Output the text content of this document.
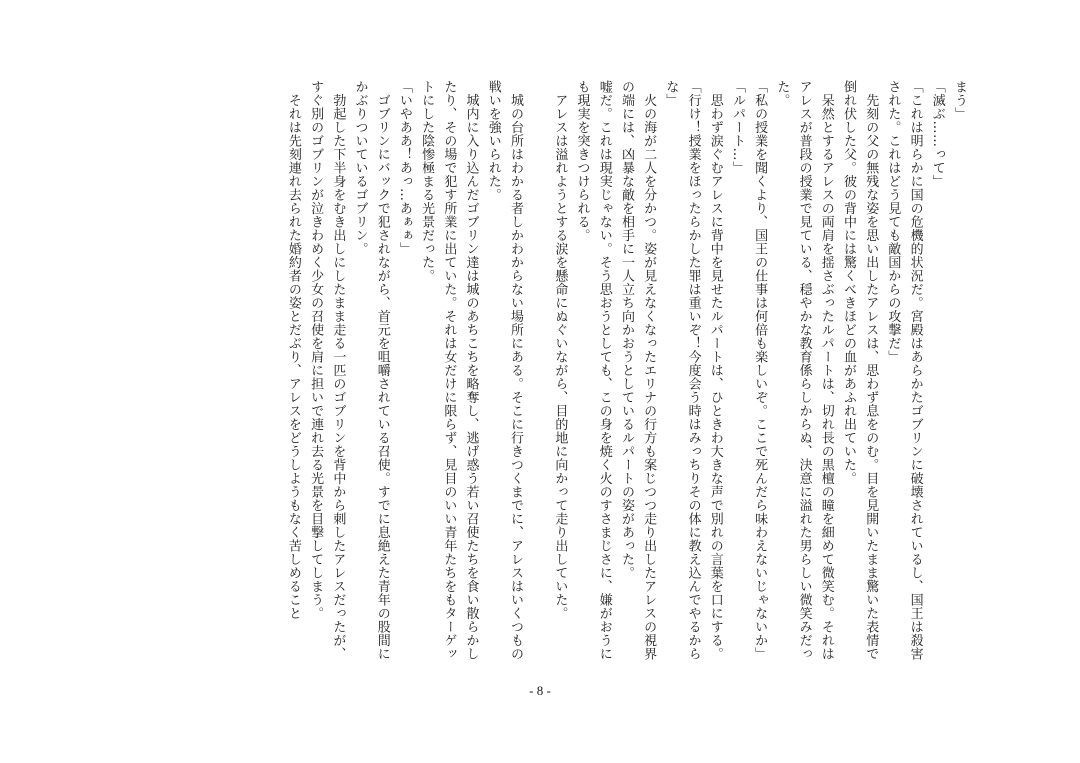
まう」

「滅ぶ……って」

「これは明らかに国の危機的状況だ。宮殿はあらかたゴブリンに破壊されているし、国王は殺害された。これはどう見ても敵国からの攻撃だ」

　先刻の父の無残な姿を思い出したアレスは、思わず息をのむ。目を見開いたまま驚いた表情で倒れ伏した父。彼の背中には驚くべきほどの血があふれ出ていた。

　呆然とするアレスの両肩を揺さぶったルパートは、切れ長の黒檀の瞳を細めて微笑む。それはアレスが普段の授業で見ている、穏やかな教育係らしからぬ、決意に溢れた男らしい微笑みだった。

「私の授業を聞くより、国王の仕事は何倍も楽しいぞ。ここで死んだら味わえないじゃないか」

「ルパート…」

　思わず涙ぐむアレスに背中を見せたルパートは、ひときわ大きな声で別れの言葉を口にする。

「行け！授業をほったらかした罪は重いぞ！今度会う時はみっちりその体に教え込んでやるからな」

　火の海が二人を分かつ。姿が見えなくなったエリナの行方も案じつつ走り出したアレスの視界の端には、凶暴な敵を相手に一人立ち向かおうとしているルパートの姿があった。

嘘だ。これは現実じゃない。そう思おうとしても、この身を焼く火のすさまじさに、嫌がおうにも現実を突きつけられる。

　アレスは溢れようとする涙を懸命にぬぐいながら、目的地に向かって走り出していた。

　城の台所はわかる者しかわからない場所にある。そこに行きつくまでに、アレスはいくつもの戦いを強いられた。

　城内に入り込んだゴブリン達は城のあちこちを略奪し、逃げ惑う若い召使たちを食い散らかしたり、その場で犯す所業に出ていた。それは女だけに限らず、見目のいい青年たちをもターゲットにした陰惨極まる光景だった。

「いやああ！あっ…あぁぁ」

　ゴブリンにバックで犯されながら、首元を咀嚼されている召使。すでに息絶えた青年の股間にかぶりついているゴブリン。

　勃起した下半身をむき出しにしたまま走る一匹のゴブリンを背中から刺したアレスだったが、すぐ別のゴブリンが泣きわめく少女の召使を肩に担いで連れ去る光景を目撃してしまう。

　それは先刻連れ去られた婚約者の姿とだぶり、アレスをどうしようもなく苦しめること

- 8 -
